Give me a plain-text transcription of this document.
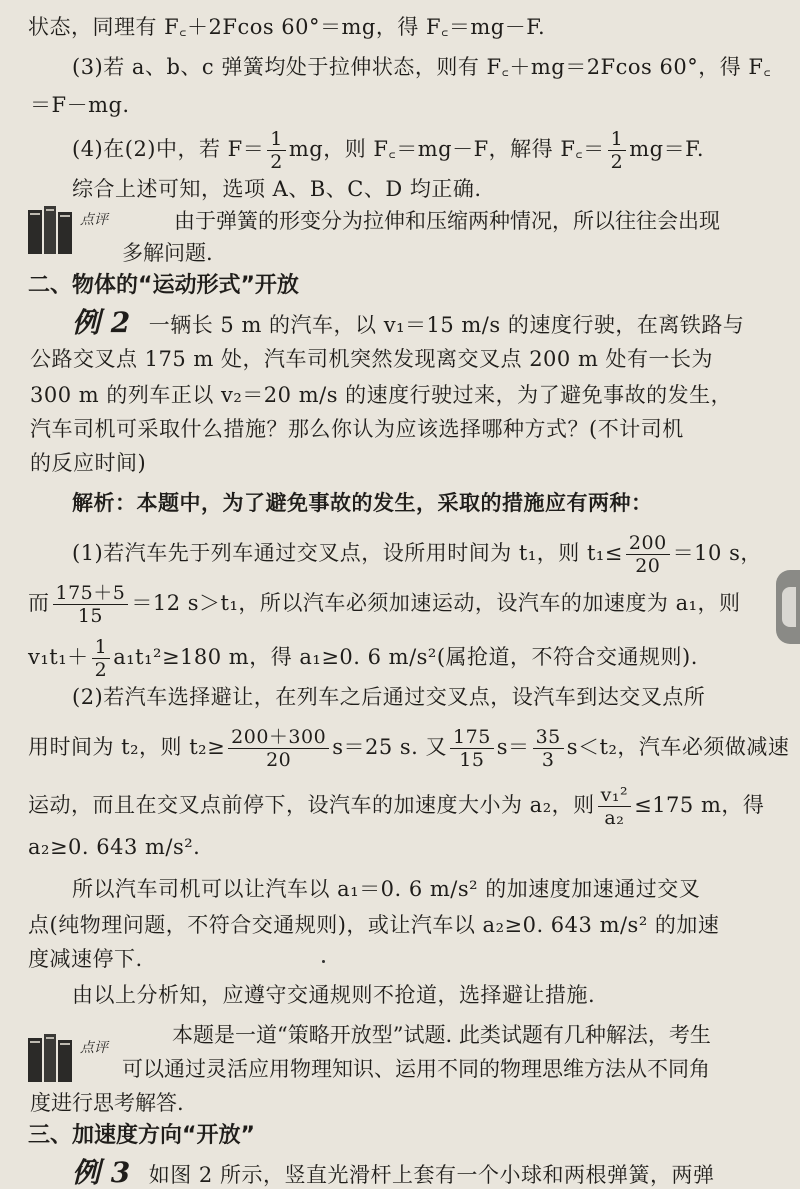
状态，同理有 F꜀＋2Fcos 60°＝mg，得 F꜀＝mg－F.
(3)若 a、b、c 弹簧均处于拉伸状态，则有 F꜀＋mg＝2Fcos 60°，得 F꜀
＝F－mg.
(4)在(2)中，若 $F= \frac{1}{2}$ mg，则 F꜀＝mg－F，解得 F꜀＝ $\frac{1}{2} mg=F$.
综合上述可知，选项 A、B、C、D 均正确.
点评	由于弹簧的形变分为拉伸和压缩两种情况，所以往往会出现
多解问题.
二、物体的“运动形式”开放
例 2 一辆长 5 m 的汽车，以 v₁＝15 m/s 的速度行驶，在离铁路与
公路交叉点 175 m 处，汽车司机突然发现离交叉点 200 m 处有一长为
300 m 的列车正以 v₂＝20 m/s 的速度行驶过来，为了避免事故的发生，
汽车司机可采取什么措施？那么你认为应该选择哪种方式？(不计司机
的反应时间)
解析：本题中，为了避免事故的发生，采取的措施应有两种：
(1)若汽车先于列车通过交叉点，设所用时间为 t₁，则 $t_1\le \frac{200}{20} =10$ s，
而 $\frac{175+5}{15} =12$ s＞t₁，所以汽车必须加速运动，设汽车的加速度为 a₁，则
$v_1t_1+ \frac{1}{2} a_1t_1^2\ge 180$ m，得 a₁≥0. 6 m/s²(属抢道，不符合交通规则).
(2)若汽车选择避让，在列车之后通过交叉点，设汽车到达交叉点所
用时间为 t₂，则 $t_2\ge \frac{200+300}{20} s=25$ s. 又 $\frac{175}{15} s= \frac{35}{3} s<t_2$，汽车必须做减速
运动，而且在交叉点前停下，设汽车的加速度大小为 a₂，则 $\frac{\text{v₁²}}{\text{a₂}} \le 175$ m，得
a₂≥0. 643 m/s².
所以汽车司机可以让汽车以 a₁＝0. 6 m/s² 的加速度加速通过交叉
点(纯物理问题，不符合交通规则)，或让汽车以 a₂≥0. 643 m/s² 的加速
度减速停下.
由以上分析知，应遵守交通规则不抢道，选择避让措施.
点评
本题是一道“策略开放型”试题. 此类试题有几种解法，考生
可以通过灵活应用物理知识、运用不同的物理思维方法从不同角
度进行思考解答.
三、加速度方向“开放”
例 3 如图 2 所示，竖直光滑杆上套有一个小球和两根弹簧，两弹
